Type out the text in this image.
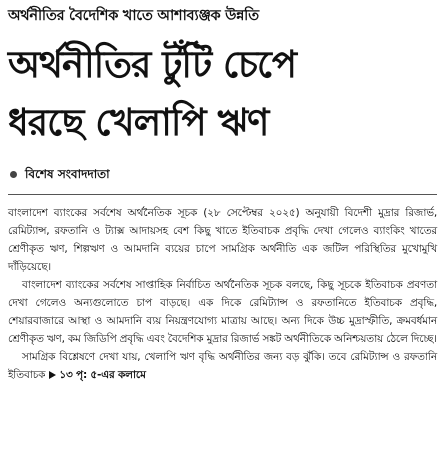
অর্থনীতির বৈদেশিক খাতে আশাব্যঞ্জক উন্নতি
অর্থনীতির টুঁটি চেপে
ধরছে খেলাপি ঋণ
বিশেষ সংবাদদাতা

বাংলাদেশ ব্যাংকের সর্বশেষ অর্থনৈতিক সূচক (২৮ সেপ্টেম্বর ২০২৫) অনুযায়ী বিদেশী মুদ্রার রিজার্ভ, রেমিট্যান্স, রফতানি ও ট্যাক্স আদায়সহ বেশ কিছু খাতে ইতিবাচক প্রবৃদ্ধি দেখা গেলেও ব্যাংকিং খাতের শ্রেণীকৃত ঋণ, শিল্পঋণ ও আমদানি ব্যয়ের চাপে সামগ্রিক অর্থনীতি এক জটিল পরিস্থিতির মুখোমুখি দাঁড়িয়েছে।

বাংলাদেশ ব্যাংকের সর্বশেষ সাপ্তাহিক নির্বাচিত অর্থনৈতিক সূচক বলছে, কিছু সূচকে ইতিবাচক প্রবণতা দেখা গেলেও অন্যগুলোতে চাপ বাড়ছে। এক দিকে রেমিট্যান্স ও রফতানিতে ইতিবাচক প্রবৃদ্ধি, শেয়ারবাজারে আস্থা ও আমদানি ব্যয় নিয়ন্ত্রণযোগ্য মাত্রায় আছে। অন্য দিকে উচ্চ মুদ্রাস্ফীতি, ক্রমবর্ধমান শ্রেণীকৃত ঋণ, কম জিডিপি প্রবৃদ্ধি এবং বৈদেশিক মুদ্রার রিজার্ভ সঙ্কট অর্থনীতিকে অনিশ্চয়তায় ঠেলে দিচ্ছে।

সামগ্রিক বিশ্লেষণে দেখা যায়, খেলাপি ঋণ বৃদ্ধি অর্থনীতির জন্য বড় ঝুঁকি। তবে রেমিট্যান্স ও রফতানি ইতিবাচক ১৩ পৃ: ৫-এর কলামে
